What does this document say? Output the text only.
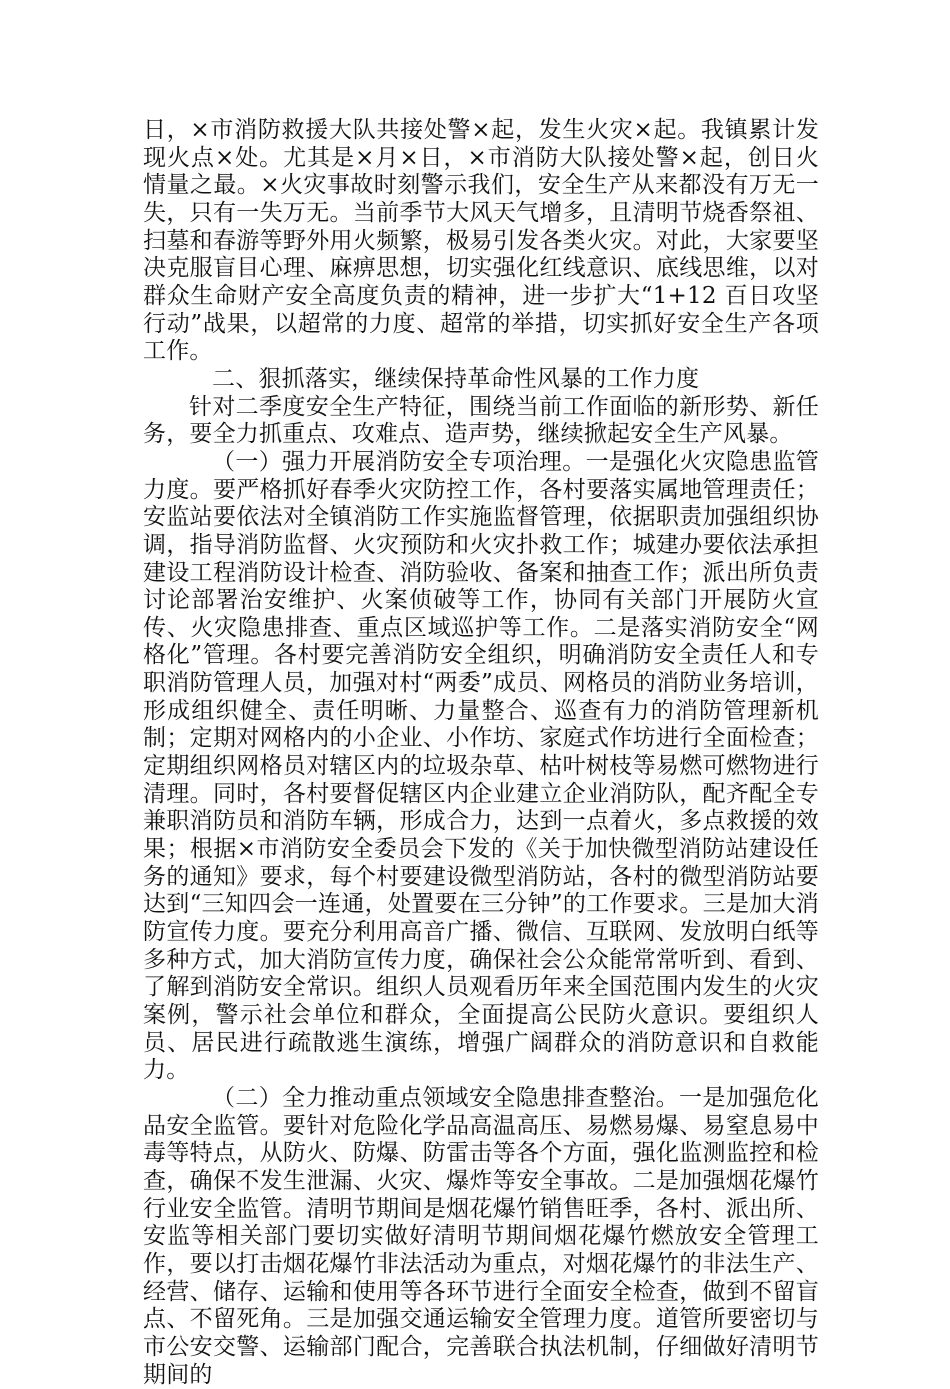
日，×市消防救援大队共接处警×起，发生火灾×起。我镇累计发现火点×处。尤其是×月×日，×市消防大队接处警×起，创日火情量之最。×火灾事故时刻警示我们，安全生产从来都没有万无一失，只有一失万无。当前季节大风天气增多，且清明节烧香祭祖、扫墓和春游等野外用火频繁，极易引发各类火灾。对此，大家要坚决克服盲目心理、麻痹思想，切实强化红线意识、底线思维，以对群众生命财产安全高度负责的精神，进一步扩大“1+12 百日攻坚行动”战果，以超常的力度、超常的举措，切实抓好安全生产各项工作。

二、狠抓落实，继续保持革命性风暴的工作力度

针对二季度安全生产特征，围绕当前工作面临的新形势、新任务，要全力抓重点、攻难点、造声势，继续掀起安全生产风暴。

（一）强力开展消防安全专项治理。一是强化火灾隐患监管力度。要严格抓好春季火灾防控工作，各村要落实属地管理责任；安监站要依法对全镇消防工作实施监督管理，依据职责加强组织协调，指导消防监督、火灾预防和火灾扑救工作；城建办要依法承担建设工程消防设计检查、消防验收、备案和抽查工作；派出所负责讨论部署治安维护、火案侦破等工作，协同有关部门开展防火宣传、火灾隐患排查、重点区域巡护等工作。二是落实消防安全“网格化”管理。各村要完善消防安全组织，明确消防安全责任人和专职消防管理人员，加强对村“两委”成员、网格员的消防业务培训，形成组织健全、责任明晰、力量整合、巡查有力的消防管理新机制；定期对网格内的小企业、小作坊、家庭式作坊进行全面检查；定期组织网格员对辖区内的垃圾杂草、枯叶树枝等易燃可燃物进行清理。同时，各村要督促辖区内企业建立企业消防队，配齐配全专兼职消防员和消防车辆，形成合力，达到一点着火，多点救援的效果；根据×市消防安全委员会下发的《关于加快微型消防站建设任务的通知》要求，每个村要建设微型消防站，各村的微型消防站要达到“三知四会一连通，处置要在三分钟”的工作要求。三是加大消防宣传力度。要充分利用高音广播、微信、互联网、发放明白纸等多种方式，加大消防宣传力度，确保社会公众能常常听到、看到、了解到消防安全常识。组织人员观看历年来全国范围内发生的火灾案例，警示社会单位和群众，全面提高公民防火意识。要组织人员、居民进行疏散逃生演练，增强广阔群众的消防意识和自救能力。

（二）全力推动重点领域安全隐患排查整治。一是加强危化品安全监管。要针对危险化学品高温高压、易燃易爆、易窒息易中毒等特点，从防火、防爆、防雷击等各个方面，强化监测监控和检查，确保不发生泄漏、火灾、爆炸等安全事故。二是加强烟花爆竹行业安全监管。清明节期间是烟花爆竹销售旺季，各村、派出所、安监等相关部门要切实做好清明节期间烟花爆竹燃放安全管理工作，要以打击烟花爆竹非法活动为重点，对烟花爆竹的非法生产、经营、储存、运输和使用等各环节进行全面安全检查，做到不留盲点、不留死角。三是加强交通运输安全管理力度。道管所要密切与市公安交警、运输部门配合，完善联合执法机制，仔细做好清明节期间的
